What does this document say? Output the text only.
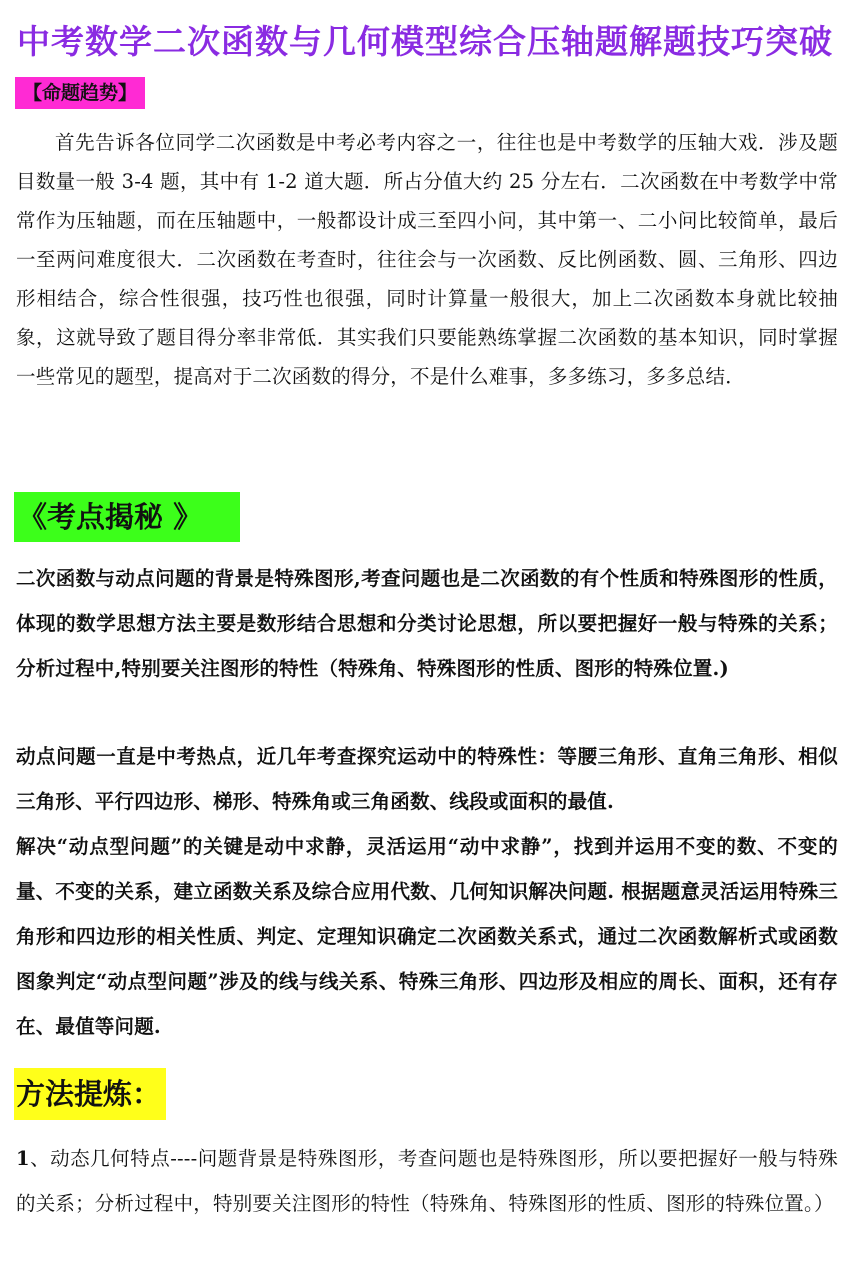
中考数学二次函数与几何模型综合压轴题解题技巧突破
【命题趋势】

首先告诉各位同学二次函数是中考必考内容之一，往往也是中考数学的压轴大戏．涉及题目数量一般 3-4 题，其中有 1-2 道大题．所占分值大约 25 分左右．二次函数在中考数学中常常作为压轴题，而在压轴题中，一般都设计成三至四小问，其中第一、二小问比较简单，最后一至两问难度很大．二次函数在考查时，往往会与一次函数、反比例函数、圆、三角形、四边形相结合，综合性很强，技巧性也很强，同时计算量一般很大，加上二次函数本身就比较抽象，这就导致了题目得分率非常低．其实我们只要能熟练掌握二次函数的基本知识，同时掌握一些常见的题型，提高对于二次函数的得分，不是什么难事，多多练习，多多总结．

《考点揭秘 》

二次函数与动点问题的背景是特殊图形,考查问题也是二次函数的有个性质和特殊图形的性质，体现的数学思想方法主要是数形结合思想和分类讨论思想，所以要把握好一般与特殊的关系；分析过程中,特别要关注图形的特性（特殊角、特殊图形的性质、图形的特殊位置.)

动点问题一直是中考热点，近几年考查探究运动中的特殊性：等腰三角形、直角三角形、相似三角形、平行四边形、梯形、特殊角或三角函数、线段或面积的最值.

解决“动点型问题”的关键是动中求静，灵活运用“动中求静”，找到并运用不变的数、不变的量、不变的关系，建立函数关系及综合应用代数、几何知识解决问题. 根据题意灵活运用特殊三角形和四边形的相关性质、判定、定理知识确定二次函数关系式，通过二次函数解析式或函数图象判定“动点型问题”涉及的线与线关系、特殊三角形、四边形及相应的周长、面积，还有存在、最值等问题.

方法提炼：

1、动态几何特点----问题背景是特殊图形，考查问题也是特殊图形，所以要把握好一般与特殊的关系；分析过程中，特别要关注图形的特性（特殊角、特殊图形的性质、图形的特殊位置。）
